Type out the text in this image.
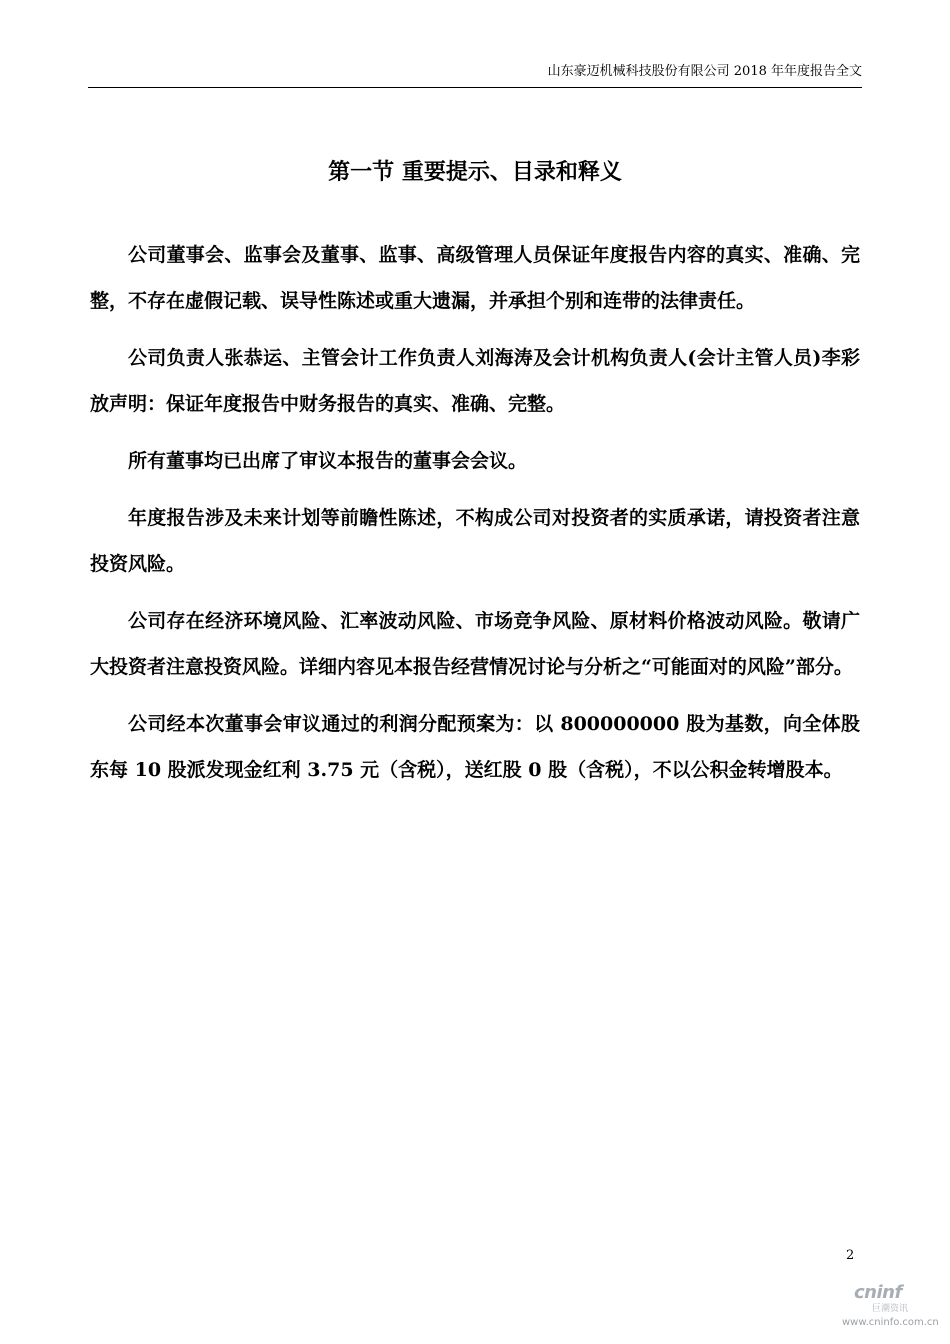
山东豪迈机械科技股份有限公司 2018 年年度报告全文
第一节 重要提示、目录和释义

公司董事会、监事会及董事、监事、高级管理人员保证年度报告内容的真实、准确、完整，不存在虚假记载、误导性陈述或重大遗漏，并承担个别和连带的法律责任。

公司负责人张恭运、主管会计工作负责人刘海涛及会计机构负责人(会计主管人员)李彩放声明：保证年度报告中财务报告的真实、准确、完整。

所有董事均已出席了审议本报告的董事会会议。

年度报告涉及未来计划等前瞻性陈述，不构成公司对投资者的实质承诺，请投资者注意投资风险。

公司存在经济环境风险、汇率波动风险、市场竞争风险、原材料价格波动风险。敬请广大投资者注意投资风险。详细内容见本报告经营情况讨论与分析之“可能面对的风险”部分。

公司经本次董事会审议通过的利润分配预案为：以 800000000 股为基数，向全体股东每 10 股派发现金红利 3.75 元（含税），送红股 0 股（含税），不以公积金转增股本。

2
cninf
巨潮资讯
www.cninfo.com.cn
